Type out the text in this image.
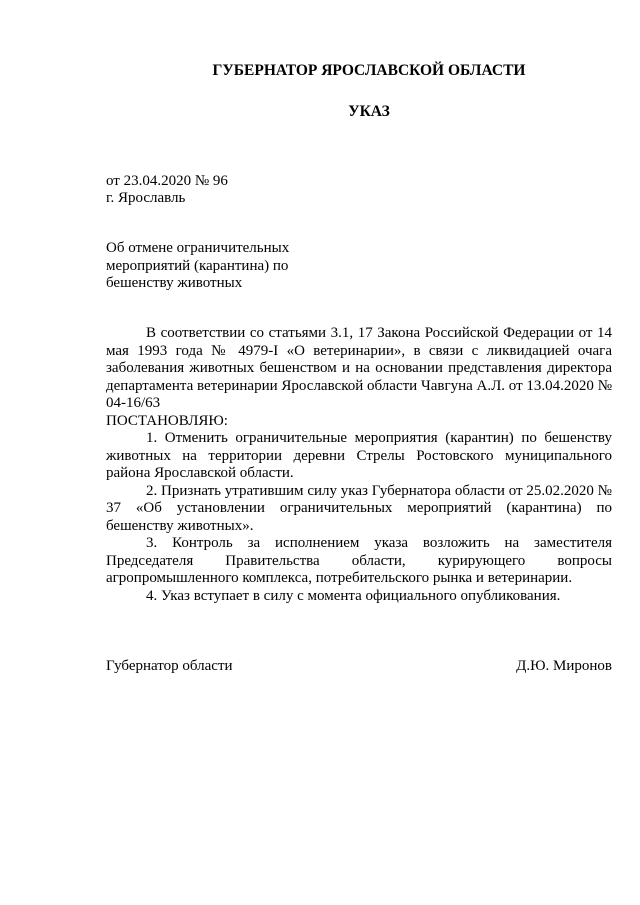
ГУБЕРНАТОР ЯРОСЛАВСКОЙ ОБЛАСТИ
УКАЗ

от 23.04.2020 № 96

г. Ярославль

Об отмене ограничительных
мероприятий (карантина) по
бешенству животных

В соответствии со статьями 3.1, 17 Закона Российской Федерации от 14 мая 1993 года № 4979-I «О ветеринарии», в связи с ликвидацией очага заболевания животных бешенством и на основании представления директора департамента ветеринарии Ярославской области Чавгуна А.Л. от 13.04.2020 № 04-16/63

ПОСТАНОВЛЯЮ:

1. Отменить ограничительные мероприятия (карантин) по бешенству животных на территории деревни Стрелы Ростовского муниципального района Ярославской области.

2. Признать утратившим силу указ Губернатора области от 25.02.2020 № 37 «Об установлении ограничительных мероприятий (карантина) по бешенству животных».

3. Контроль за исполнением указа возложить на заместителя Председателя Правительства области, курирующего вопросы агропромышленного комплекса, потребительского рынка и ветеринарии.

4. Указ вступает в силу с момента официального опубликования.

Губернатор области	Д.Ю. Миронов
